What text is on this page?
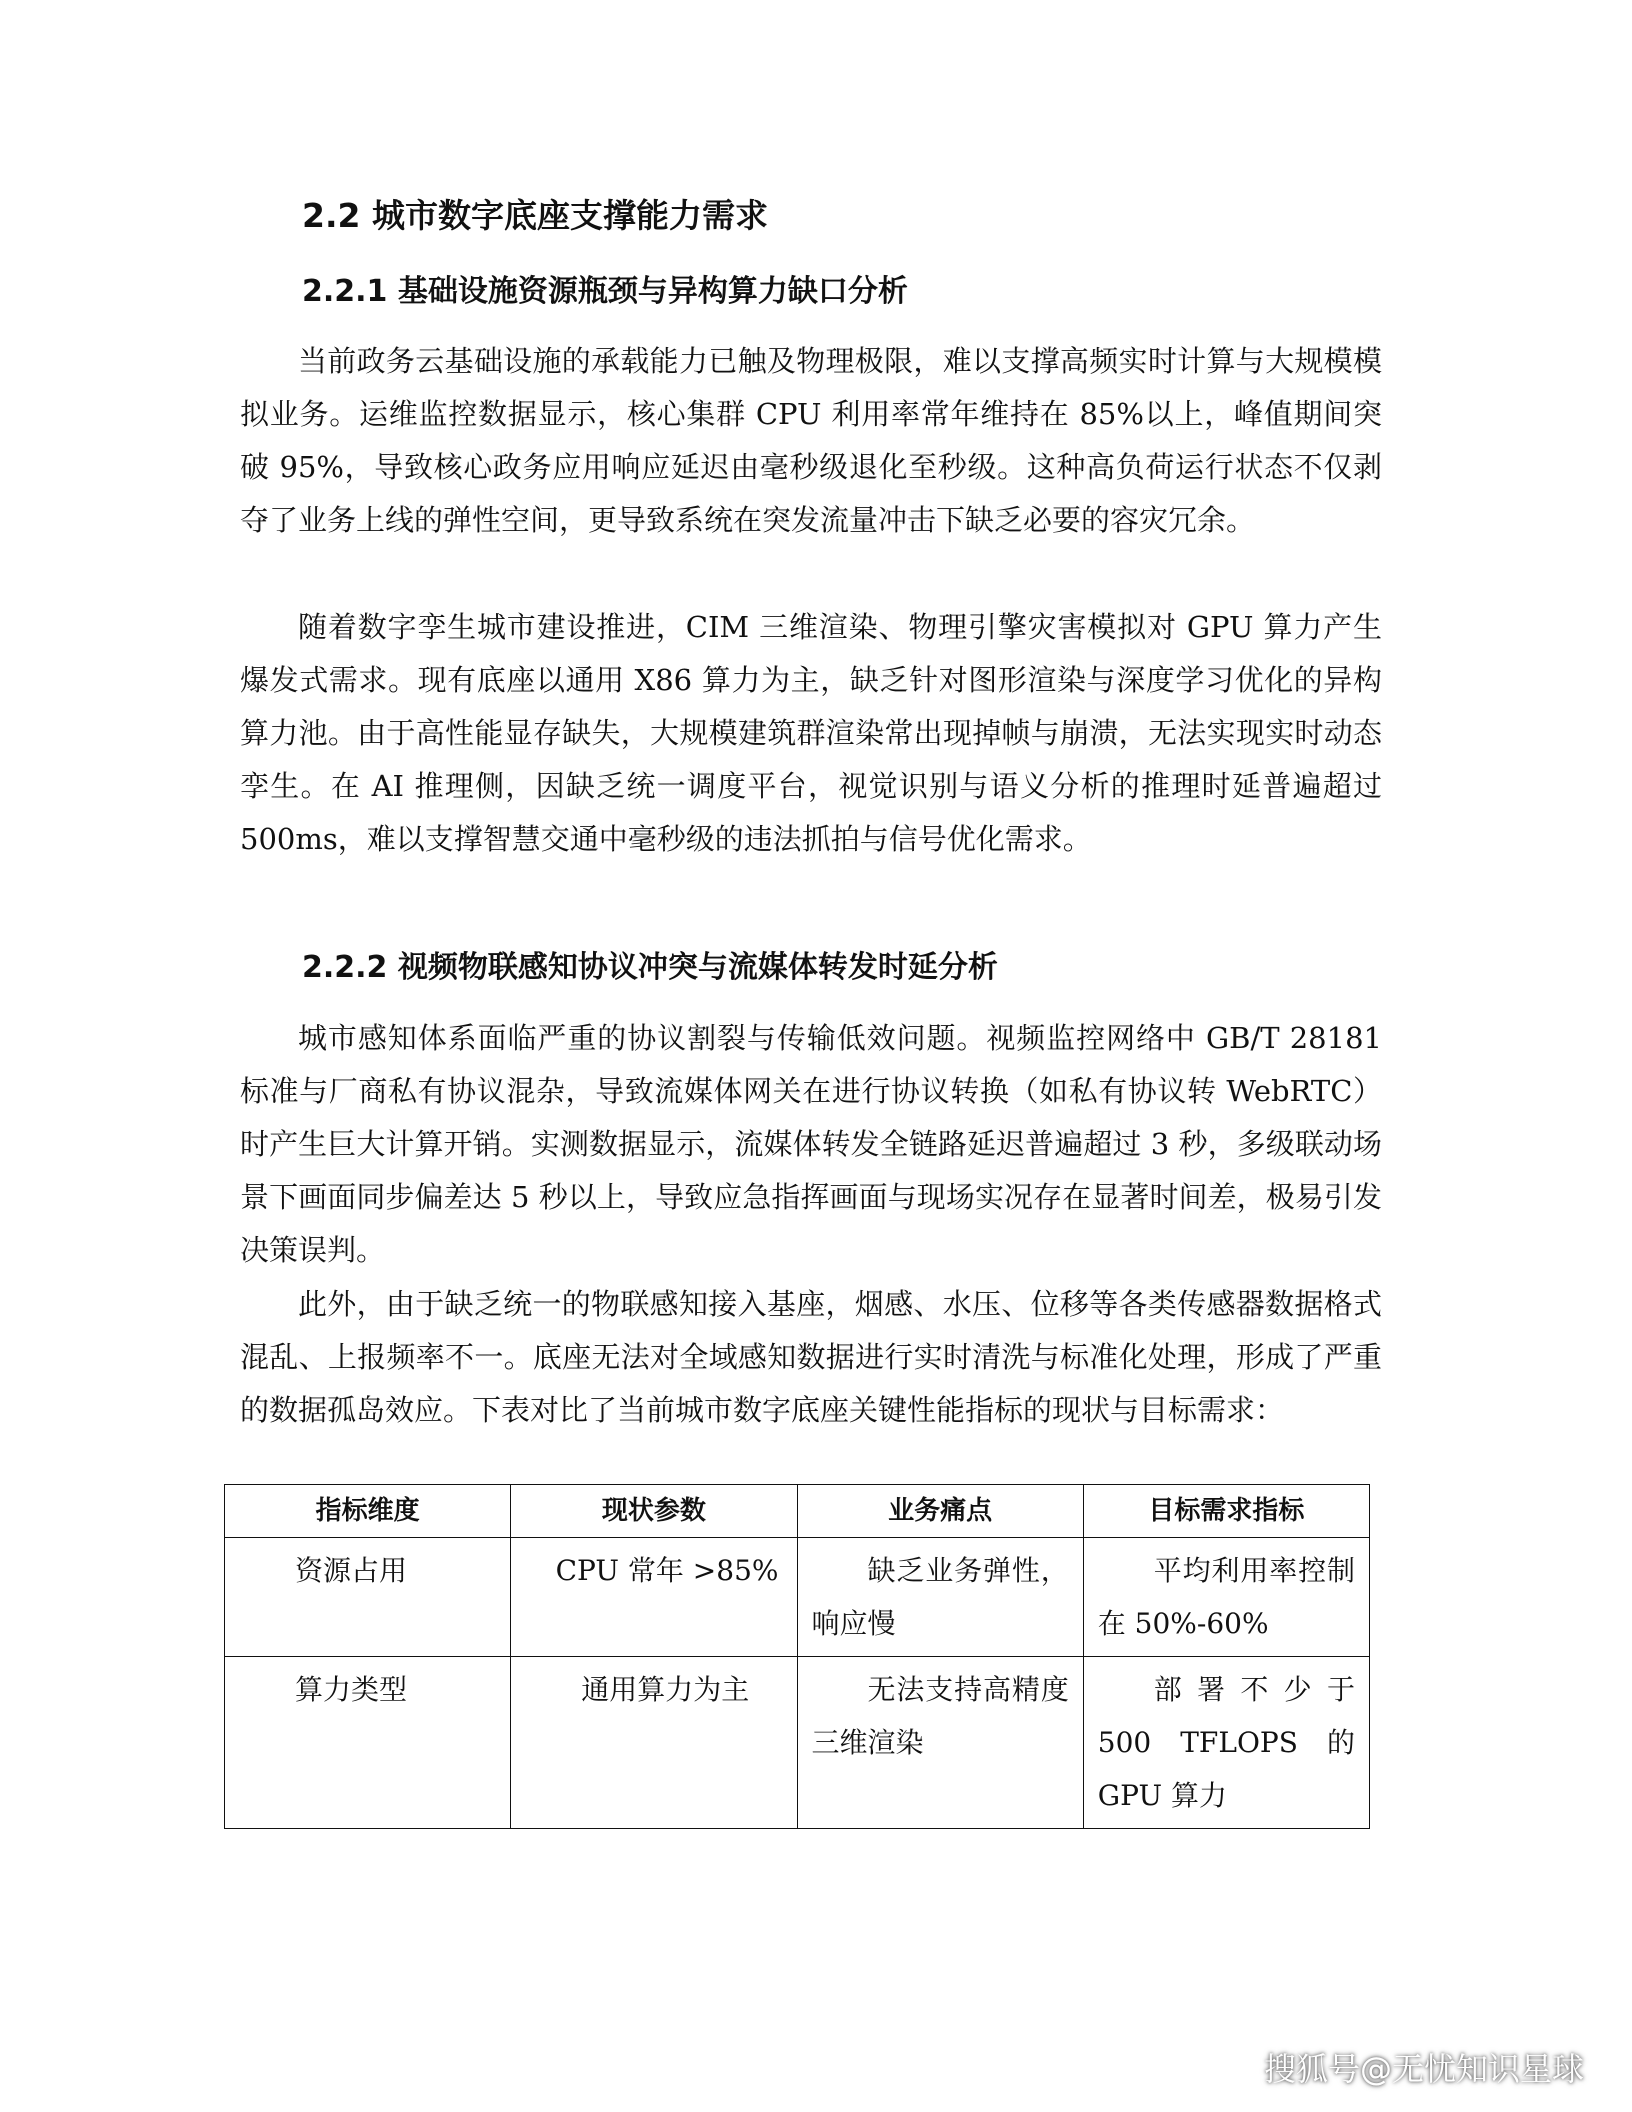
2.2 城市数字底座支撑能力需求
2.2.1 基础设施资源瓶颈与异构算力缺口分析

当前政务云基础设施的承载能力已触及物理极限，难以支撑高频实时计算与大规模模拟业务。运维监控数据显示，核心集群 CPU 利用率常年维持在 85%以上，峰值期间突破 95%，导致核心政务应用响应延迟由毫秒级退化至秒级。这种高负荷运行状态不仅剥夺了业务上线的弹性空间，更导致系统在突发流量冲击下缺乏必要的容灾冗余。

随着数字孪生城市建设推进，CIM 三维渲染、物理引擎灾害模拟对 GPU 算力产生爆发式需求。现有底座以通用 X86 算力为主，缺乏针对图形渲染与深度学习优化的异构算力池。由于高性能显存缺失，大规模建筑群渲染常出现掉帧与崩溃，无法实现实时动态孪生。在 AI 推理侧，因缺乏统一调度平台，视觉识别与语义分析的推理时延普遍超过 500ms，难以支撑智慧交通中毫秒级的违法抓拍与信号优化需求。

2.2.2 视频物联感知协议冲突与流媒体转发时延分析

城市感知体系面临严重的协议割裂与传输低效问题。视频监控网络中 GB/T 28181 标准与厂商私有协议混杂，导致流媒体网关在进行协议转换（如私有协议转 WebRTC）时产生巨大计算开销。实测数据显示，流媒体转发全链路延迟普遍超过 3 秒，多级联动场景下画面同步偏差达 5 秒以上，导致应急指挥画面与现场实况存在显著时间差，极易引发决策误判。

此外，由于缺乏统一的物联感知接入基座，烟感、水压、位移等各类传感器数据格式混乱、上报频率不一。底座无法对全域感知数据进行实时清洗与标准化处理，形成了严重的数据孤岛效应。下表对比了当前城市数字底座关键性能指标的现状与目标需求：

指标维度	现状参数	业务痛点	目标需求指标
资源占用	CPU 常年 >85%	缺乏业务弹性，响应慢	平均利用率控制在 50%-60%
算力类型	通用算力为主	无法支持高精度三维渲染	部署不少于 500 TFLOPS 的 GPU 算力
搜狐号@无忧知识星球
